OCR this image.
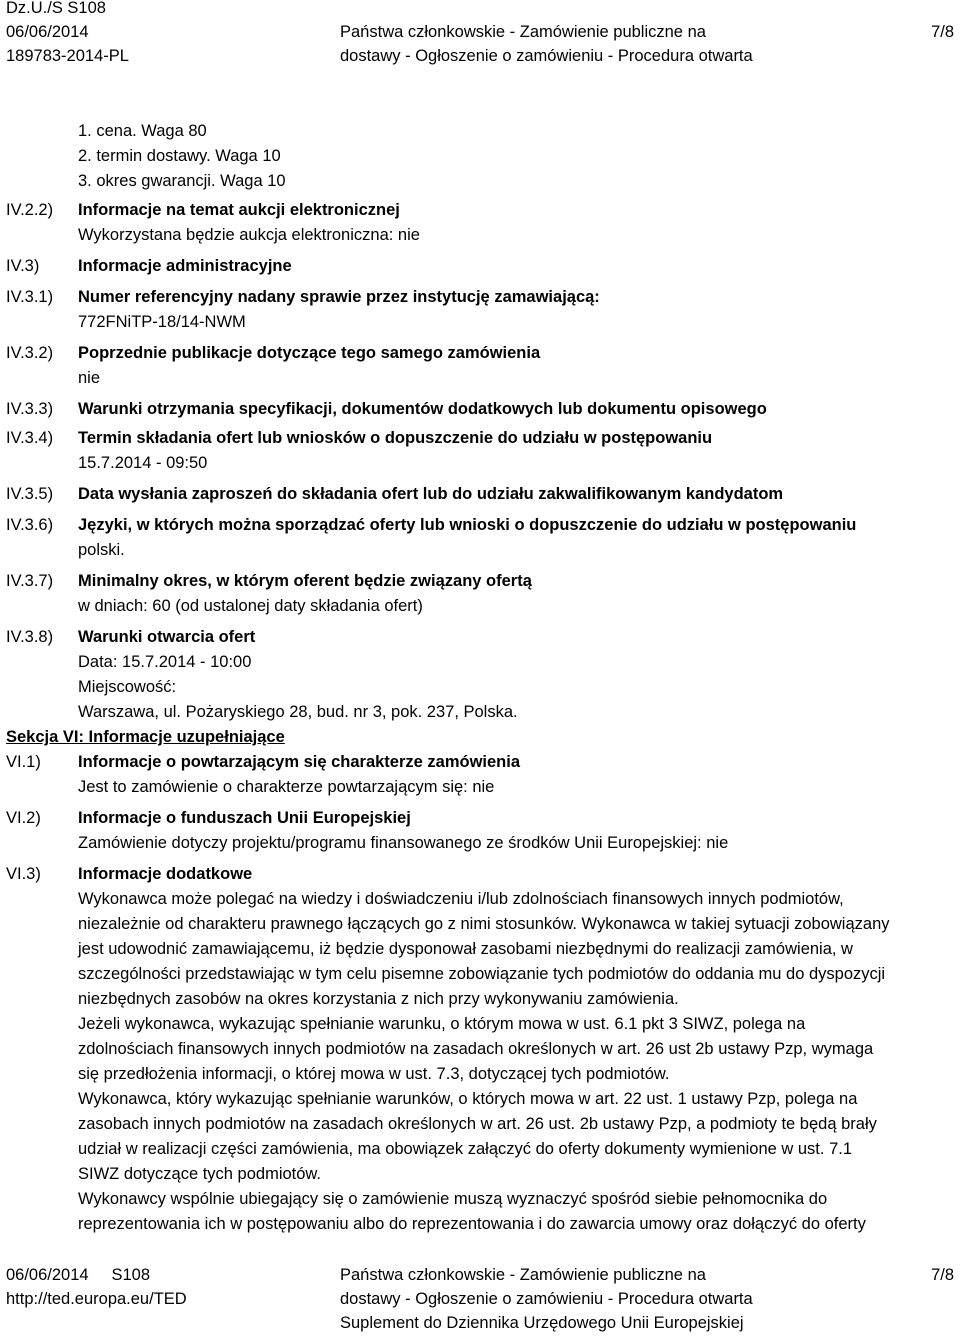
Dz.U./S S108
06/06/2014	Państwa członkowskie - Zamówienie publiczne na	7/8
189783-2014-PL	dostawy - Ogłoszenie o zamówieniu - Procedura otwarta
1. cena. Waga 80
2. termin dostawy. Waga 10
3. okres gwarancji. Waga 10
IV.2.2) Informacje na temat aukcji elektronicznej
Wykorzystana będzie aukcja elektroniczna: nie
IV.3) Informacje administracyjne
IV.3.1) Numer referencyjny nadany sprawie przez instytucję zamawiającą:
772FNiTP-18/14-NWM
IV.3.2) Poprzednie publikacje dotyczące tego samego zamówienia
nie
IV.3.3) Warunki otrzymania specyfikacji, dokumentów dodatkowych lub dokumentu opisowego
IV.3.4) Termin składania ofert lub wniosków o dopuszczenie do udziału w postępowaniu
15.7.2014 - 09:50
IV.3.5) Data wysłania zaproszeń do składania ofert lub do udziału zakwalifikowanym kandydatom
IV.3.6) Języki, w których można sporządzać oferty lub wnioski o dopuszczenie do udziału w postępowaniu
polski.
IV.3.7) Minimalny okres, w którym oferent będzie związany ofertą
w dniach: 60 (od ustalonej daty składania ofert)
IV.3.8) Warunki otwarcia ofert
Data: 15.7.2014 - 10:00
Miejscowość:
Warszawa, ul. Pożaryskiego 28, bud. nr 3, pok. 237, Polska.
Sekcja VI: Informacje uzupełniające
VI.1) Informacje o powtarzającym się charakterze zamówienia
Jest to zamówienie o charakterze powtarzającym się: nie
VI.2) Informacje o funduszach Unii Europejskiej
Zamówienie dotyczy projektu/programu finansowanego ze środków Unii Europejskiej: nie
VI.3) Informacje dodatkowe
Wykonawca może polegać na wiedzy i doświadczeniu i/lub zdolnościach finansowych innych podmiotów,
niezależnie od charakteru prawnego łączących go z nimi stosunków. Wykonawca w takiej sytuacji zobowiązany
jest udowodnić zamawiającemu, iż będzie dysponował zasobami niezbędnymi do realizacji zamówienia, w
szczególności przedstawiając w tym celu pisemne zobowiązanie tych podmiotów do oddania mu do dyspozycji
niezbędnych zasobów na okres korzystania z nich przy wykonywaniu zamówienia.
Jeżeli wykonawca, wykazując spełnianie warunku, o którym mowa w ust. 6.1 pkt 3 SIWZ, polega na
zdolnościach finansowych innych podmiotów na zasadach określonych w art. 26 ust 2b ustawy Pzp, wymaga
się przedłożenia informacji, o której mowa w ust. 7.3, dotyczącej tych podmiotów.
Wykonawca, który wykazując spełnianie warunków, o których mowa w art. 22 ust. 1 ustawy Pzp, polega na
zasobach innych podmiotów na zasadach określonych w art. 26 ust. 2b ustawy Pzp, a podmioty te będą brały
udział w realizacji części zamówienia, ma obowiązek załączyć do oferty dokumenty wymienione w ust. 7.1
SIWZ dotyczące tych podmiotów.
Wykonawcy wspólnie ubiegający się o zamówienie muszą wyznaczyć spośród siebie pełnomocnika do
reprezentowania ich w postępowaniu albo do reprezentowania i do zawarcia umowy oraz dołączyć do oferty
06/06/2014     S108	Państwa członkowskie - Zamówienie publiczne na	7/8
http://ted.europa.eu/TED	dostawy - Ogłoszenie o zamówieniu - Procedura otwarta
Suplement do Dziennika Urzędowego Unii Europejskiej
